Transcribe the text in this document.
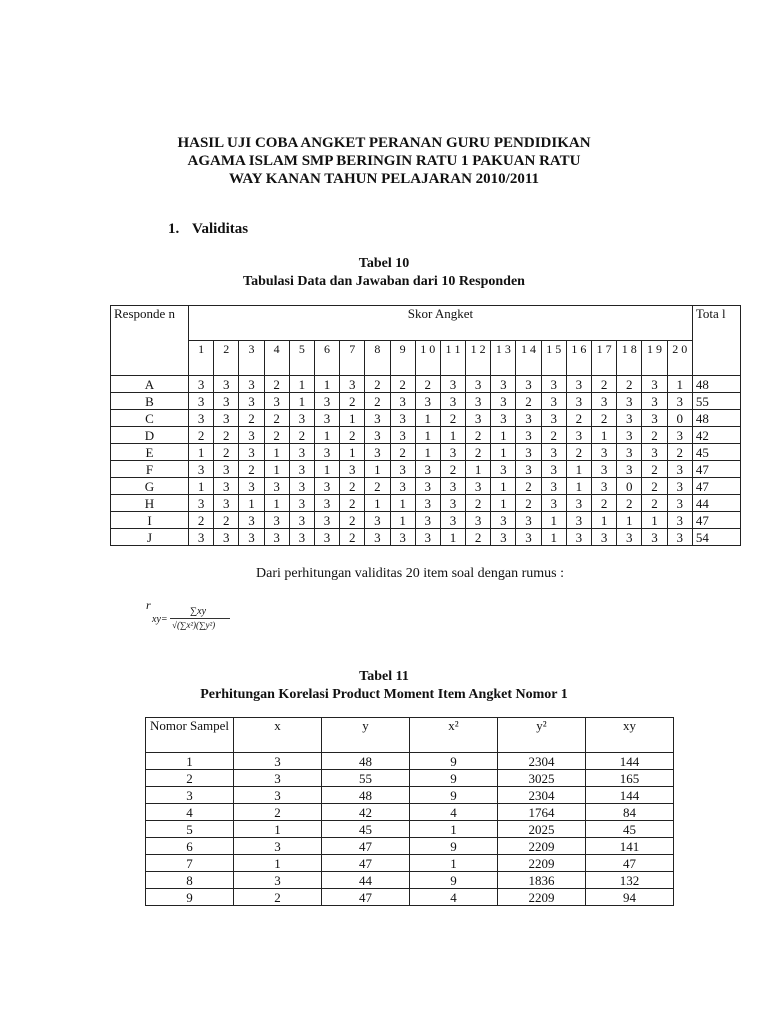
HASIL UJI COBA ANGKET PERANAN GURU PENDIDIKAN
AGAMA ISLAM SMP BERINGIN RATU 1 PAKUAN RATU
WAY KANAN TAHUN PELAJARAN 2010/2011
1. Validitas
Tabel 10
Tabulasi Data dan Jawaban dari 10 Responden
Responde n	Skor Angket																				Tota l
	1	2	3	4	5	6	7	8	9	1 0	1 1	1 2	1 3	1 4	1 5	1 6	1 7	1 8	1 9	2 0	
A	3	3	3	2	1	1	3	2	2	2	3	3	3	3	3	3	2	2	3	1	48
B	3	3	3	3	1	3	2	2	3	3	3	3	3	2	3	3	3	3	3	3	55
C	3	3	2	2	3	3	1	3	3	1	2	3	3	3	3	2	2	3	3	0	48
D	2	2	3	2	2	1	2	3	3	1	1	2	1	3	2	3	1	3	2	3	42
E	1	2	3	1	3	3	1	3	2	1	3	2	1	3	3	2	3	3	3	2	45
F	3	3	2	1	3	1	3	1	3	3	2	1	3	3	3	1	3	3	2	3	47
G	1	3	3	3	3	3	2	2	3	3	3	3	1	2	3	1	3	0	2	3	47
H	3	3	1	1	3	3	2	1	1	3	3	2	1	2	3	3	2	2	2	3	44
I	2	2	3	3	3	3	2	3	1	3	3	3	3	3	1	3	1	1	1	3	47
J	3	3	3	3	3	3	2	3	3	3	1	2	3	3	1	3	3	3	3	3	54
Dari perhitungan validitas 20 item soal dengan rumus :
r
xy=
∑xy
√(∑x²)(∑y²)
Tabel 11
Perhitungan Korelasi Product Moment Item Angket Nomor 1
Nomor Sampel	x	y	x²	y²	xy
1	3	48	9	2304	144
2	3	55	9	3025	165
3	3	48	9	2304	144
4	2	42	4	1764	84
5	1	45	1	2025	45
6	3	47	9	2209	141
7	1	47	1	2209	47
8	3	44	9	1836	132
9	2	47	4	2209	94
